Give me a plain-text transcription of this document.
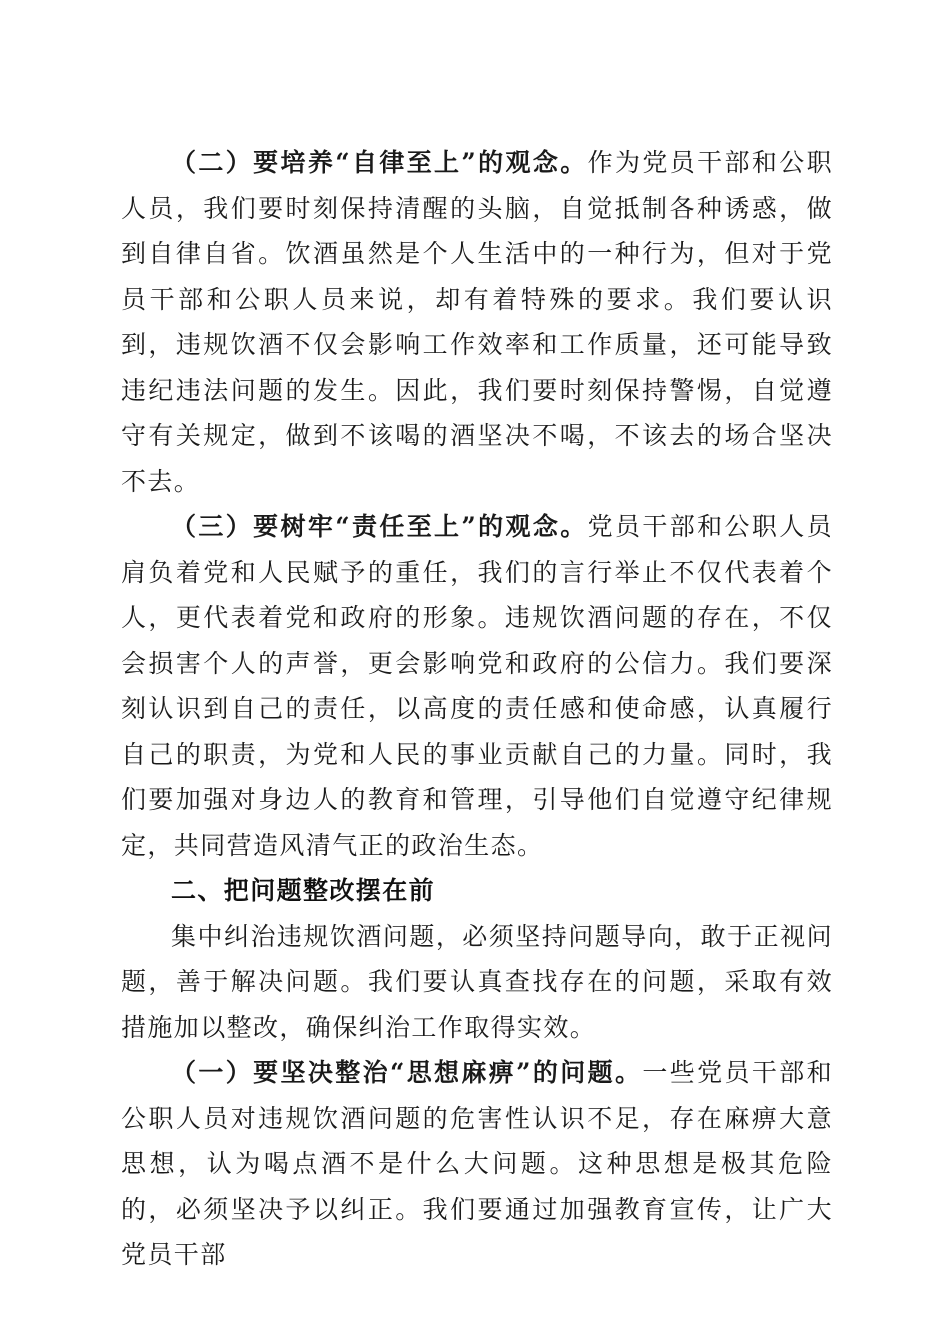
（二）要培养“自律至上”的观念。作为党员干部和公职人员，我们要时刻保持清醒的头脑，自觉抵制各种诱惑，做到自律自省。饮酒虽然是个人生活中的一种行为，但对于党员干部和公职人员来说，却有着特殊的要求。我们要认识到，违规饮酒不仅会影响工作效率和工作质量，还可能导致违纪违法问题的发生。因此，我们要时刻保持警惕，自觉遵守有关规定，做到不该喝的酒坚决不喝，不该去的场合坚决不去。

（三）要树牢“责任至上”的观念。党员干部和公职人员肩负着党和人民赋予的重任，我们的言行举止不仅代表着个人，更代表着党和政府的形象。违规饮酒问题的存在，不仅会损害个人的声誉，更会影响党和政府的公信力。我们要深刻认识到自己的责任，以高度的责任感和使命感，认真履行自己的职责，为党和人民的事业贡献自己的力量。同时，我们要加强对身边人的教育和管理，引导他们自觉遵守纪律规定，共同营造风清气正的政治生态。

二、把问题整改摆在前

集中纠治违规饮酒问题，必须坚持问题导向，敢于正视问题，善于解决问题。我们要认真查找存在的问题，采取有效措施加以整改，确保纠治工作取得实效。

（一）要坚决整治“思想麻痹”的问题。一些党员干部和公职人员对违规饮酒问题的危害性认识不足，存在麻痹大意思想，认为喝点酒不是什么大问题。这种思想是极其危险的，必须坚决予以纠正。我们要通过加强教育宣传，让广大党员干部
